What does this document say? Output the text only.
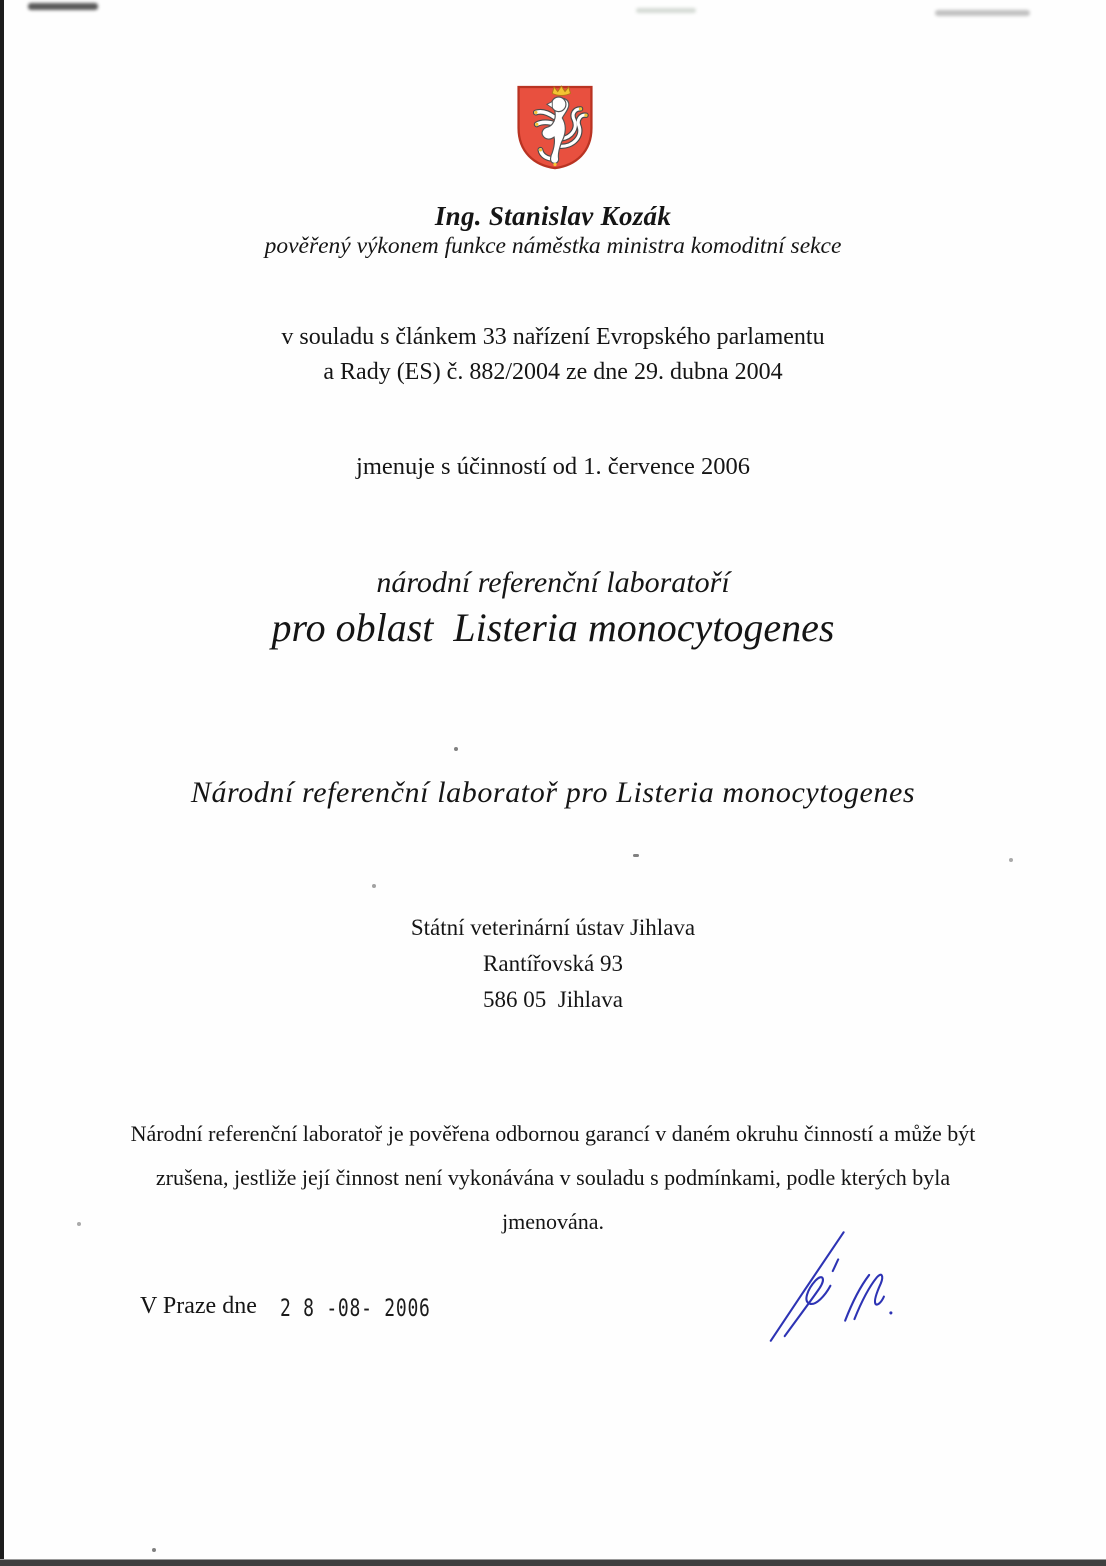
Ing. Stanislav Kozák
pověřený výkonem funkce náměstka ministra komoditní sekce
v souladu s článkem 33 nařízení Evropského parlamentu
a Rady (ES) č. 882/2004 ze dne 29. dubna 2004
jmenuje s účinností od 1. července 2006
národní referenční laboratoří
pro oblast  Listeria monocytogenes
Národní referenční laboratoř pro Listeria monocytogenes
Státní veterinární ústav Jihlava
Rantířovská 93
586 05  Jihlava
Národní referenční laboratoř je pověřena odbornou garancí v daném okruhu činností a může být
zrušena, jestliže její činnost není vykonávána v souladu s podmínkami, podle kterých byla jmenována.
V Praze dne 2 8 -08- 2006
